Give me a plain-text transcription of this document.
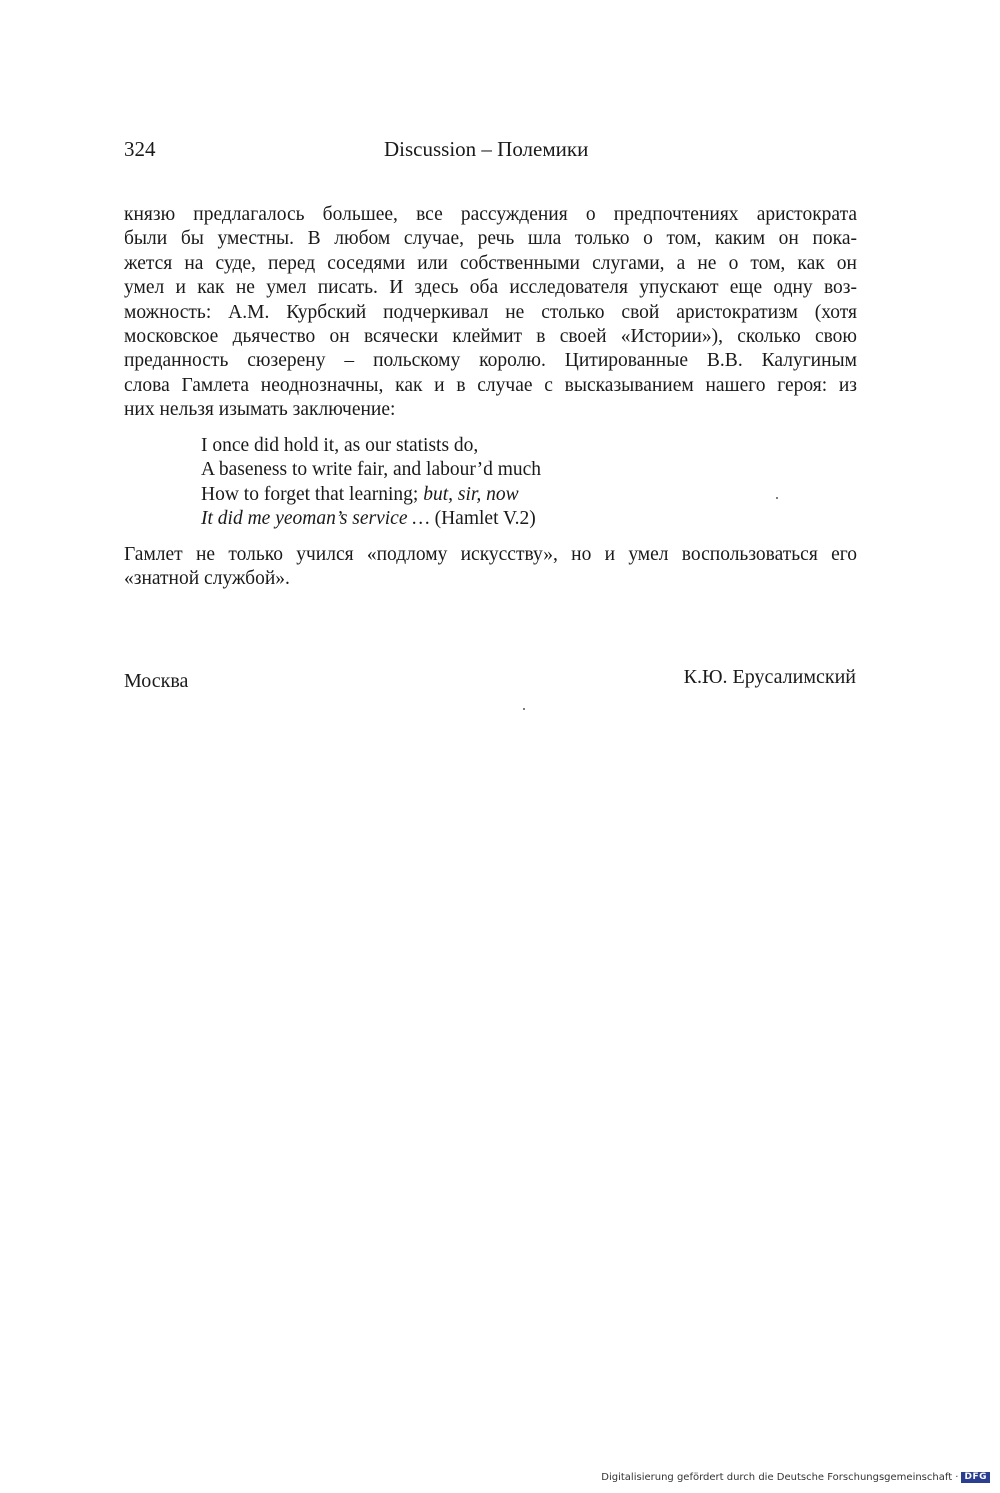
324	Discussion – Полемики
князю предлагалось большее, все рассуждения о предпочтениях аристократа
были бы уместны. В любом случае, речь шла только о том, каким он пока-
жется на суде, перед соседями или собственными слугами, а не о том, как он
умел и как не умел писать. И здесь оба исследователя упускают еще одну воз-
можность: А.М. Курбский подчеркивал не столько свой аристократизм (хотя
московское дьячество он всячески клеймит в своей «Истории»), сколько свою
преданность сюзерену – польскому королю. Цитированные В.В. Калугиным
слова Гамлета неоднозначны, как и в случае с высказыванием нашего героя: из
них нельзя изымать заключение:
I once did hold it, as our statists do,
A baseness to write fair, and labour’d much
How to forget that learning; but, sir, now
It did me yeoman’s service … (Hamlet V.2)
Гамлет не только учился «подлому искусству», но и умел воспользоваться его
«знатной службой».
Москва	К.Ю. Ерусалимский
Digitalisierung gefördert durch die Deutsche Forschungsgemeinschaft · DFG
